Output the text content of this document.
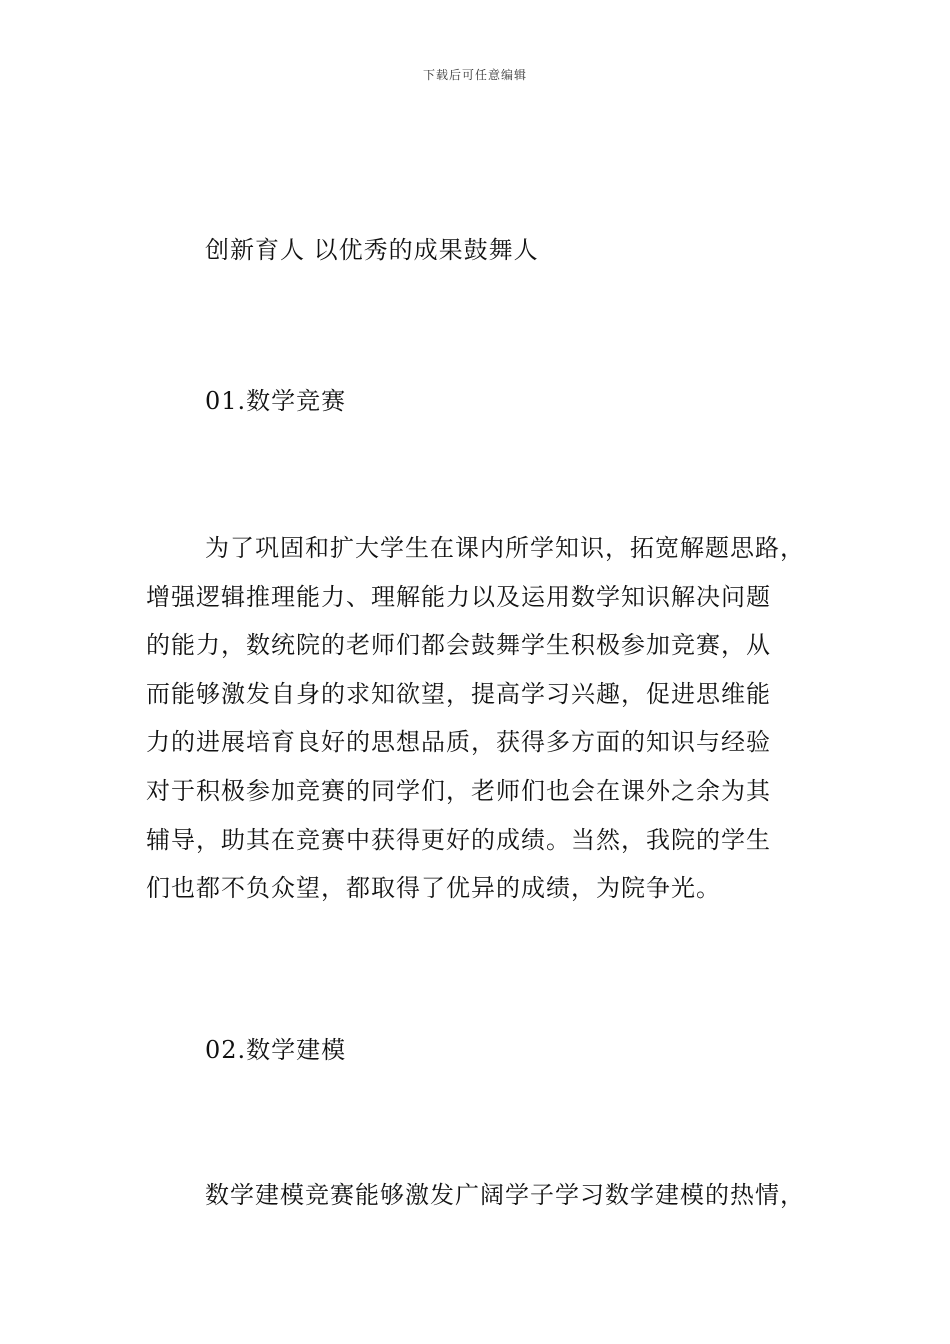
下载后可任意编辑
创新育人 以优秀的成果鼓舞人
01.数学竞赛
为了巩固和扩大学生在课内所学知识，拓宽解题思路，
增强逻辑推理能力、理解能力以及运用数学知识解决问题
的能力，数统院的老师们都会鼓舞学生积极参加竞赛，从
而能够激发自身的求知欲望，提高学习兴趣，促进思维能
力的进展培育良好的思想品质，获得多方面的知识与经验
对于积极参加竞赛的同学们，老师们也会在课外之余为其
辅导，助其在竞赛中获得更好的成绩。当然，我院的学生
们也都不负众望，都取得了优异的成绩，为院争光。
02.数学建模
数学建模竞赛能够激发广阔学子学习数学建模的热情，
